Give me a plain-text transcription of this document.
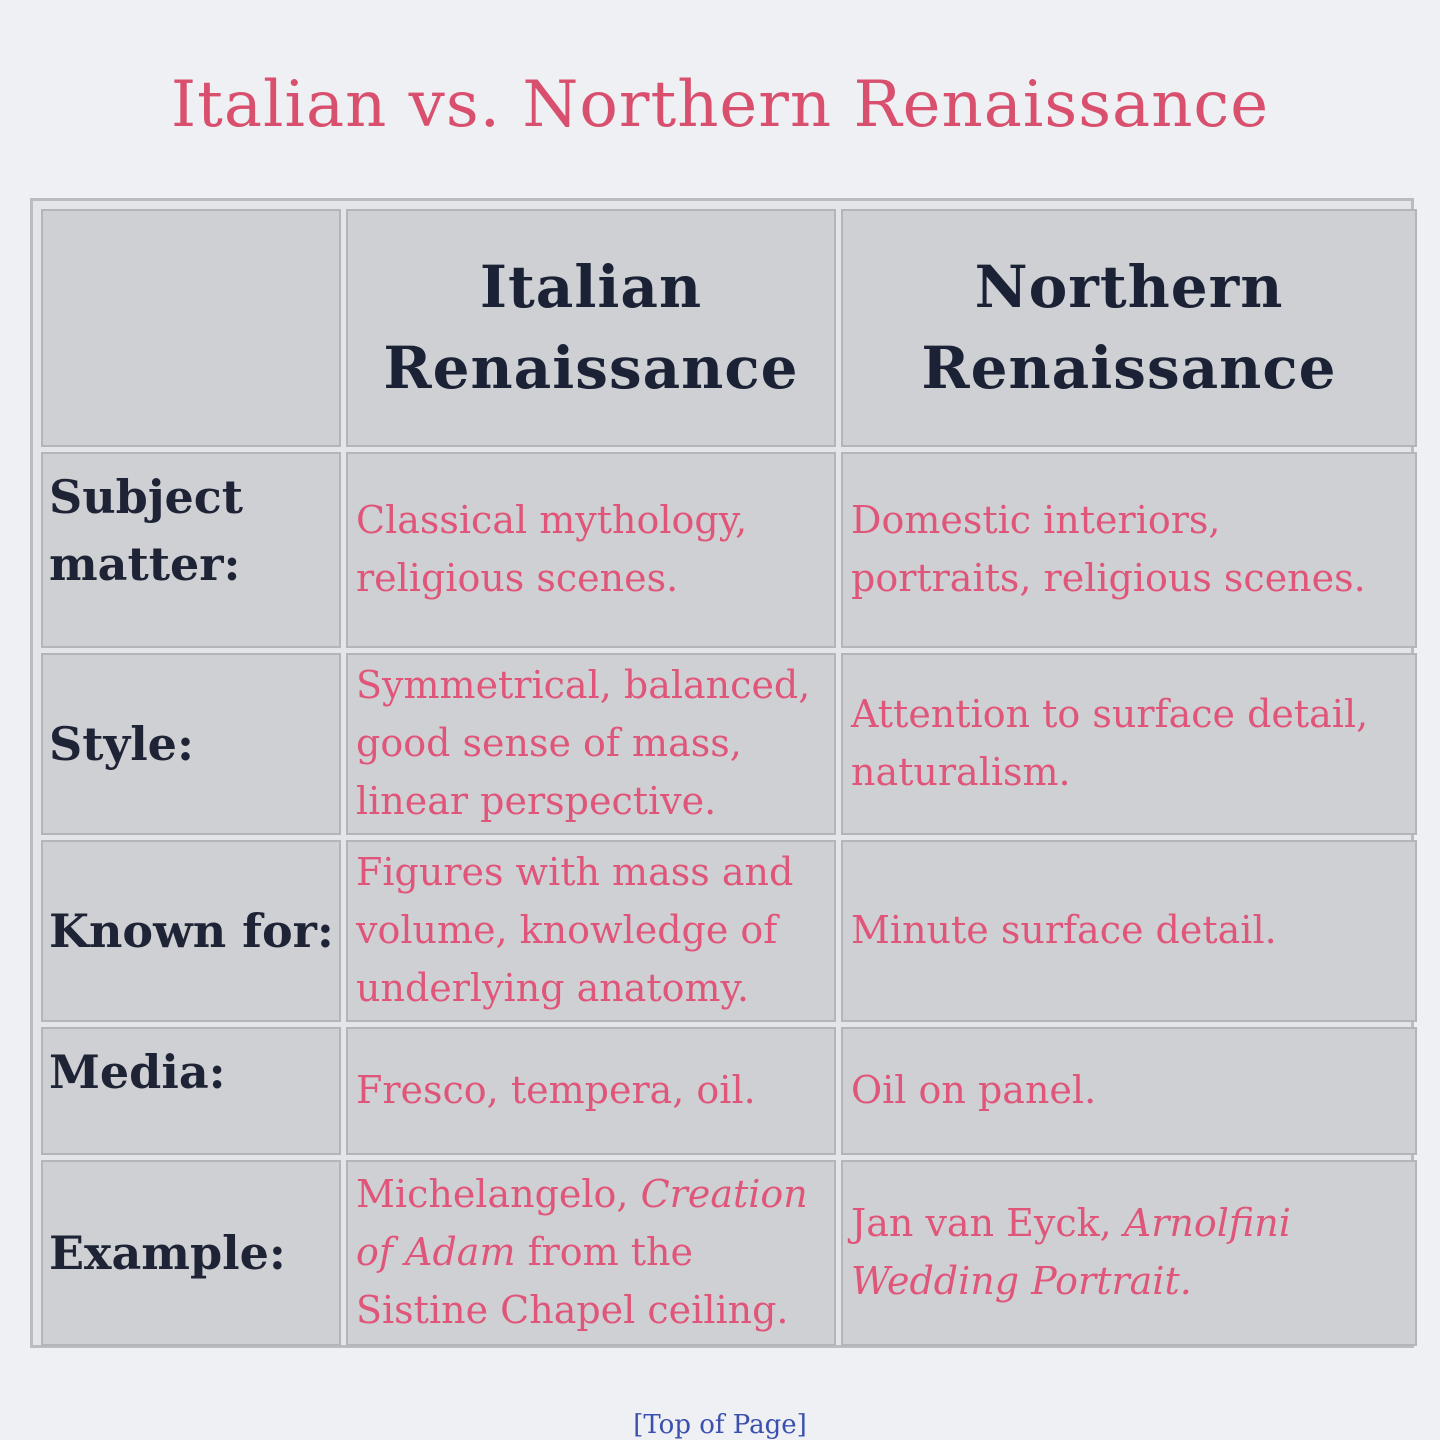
Italian vs. Northern Renaissance
	Italian Renaissance	Northern Renaissance
Subject matter:	Classical mythology, religious scenes.	Domestic interiors, portraits, religious scenes.
Style:	Symmetrical, balanced, good sense of mass, linear perspective.	Attention to surface detail, naturalism.
Known for:	Figures with mass and volume, knowledge of underlying anatomy.	Minute surface detail.
Media:	Fresco, tempera, oil.	Oil on panel.
Example:	Michelangelo, Creation of Adam from the Sistine Chapel ceiling.	Jan van Eyck, Arnolfini Wedding Portrait.
[Top of Page]
